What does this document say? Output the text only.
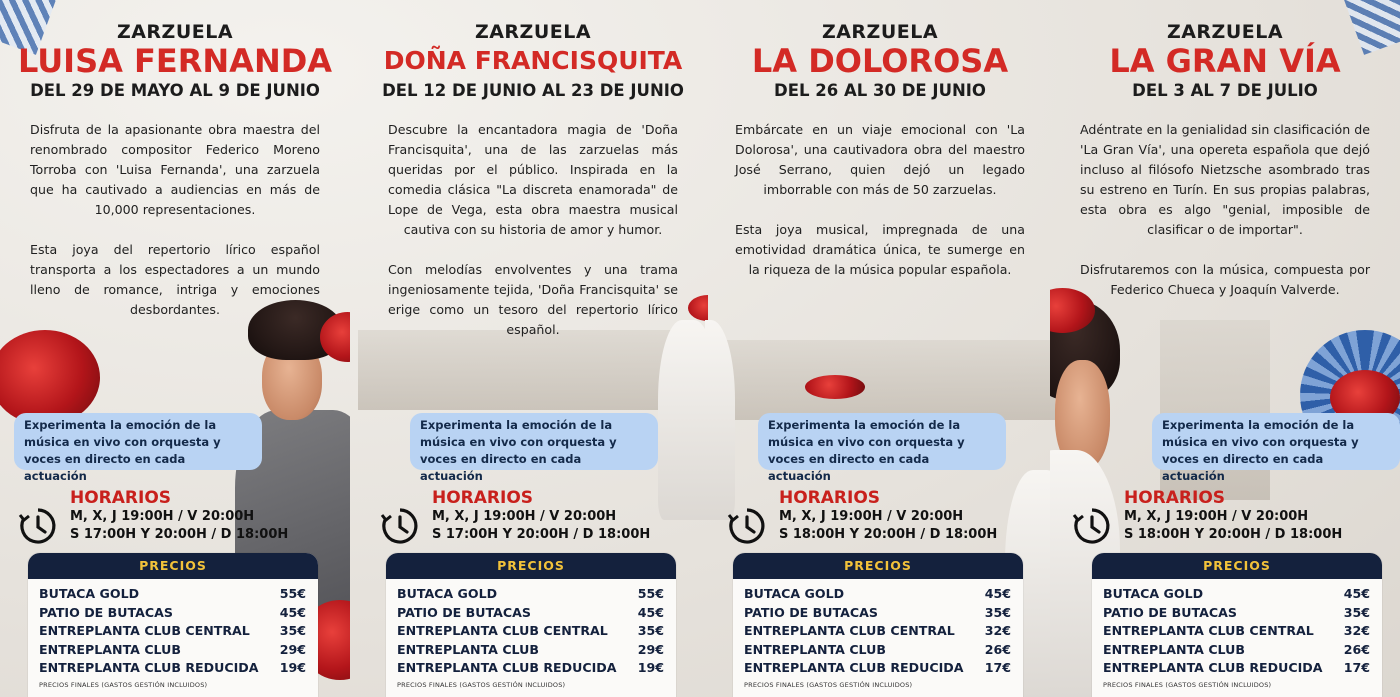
ZARZUELA
LUISA FERNANDA
DEL 29 DE MAYO AL 9 DE JUNIO

Disfruta de la apasionante obra maestra del renombrado compositor Federico Moreno Torroba con 'Luisa Fernanda', una zarzuela que ha cautivado a audiencias en más de 10,000 representaciones.

Esta joya del repertorio lírico español transporta a los espectadores a un mundo lleno de romance, intriga y emociones desbordantes.

Experimenta la emoción de la música en vivo con orquesta y voces en directo en cada actuación
HORARIOS
M, X, J 19:00H / V 20:00H
S 17:00H Y 20:00H / D 18:00H
PRECIOS
BUTACA GOLD	55€
PATIO DE BUTACAS	45€
ENTREPLANTA CLUB CENTRAL 35€
ENTREPLANTA CLUB	29€
ENTREPLANTA CLUB REDUCIDA 19€
PRECIOS FINALES (GASTOS GESTIÓN INCLUIDOS)
ZARZUELA
DOÑA FRANCISQUITA
DEL 12 DE JUNIO AL 23 DE JUNIO

Descubre la encantadora magia de 'Doña Francisquita', una de las zarzuelas más queridas por el público. Inspirada en la comedia clásica "La discreta enamorada" de Lope de Vega, esta obra maestra musical cautiva con su historia de amor y humor.

Con melodías envolventes y una trama ingeniosamente tejida, 'Doña Francisquita' se erige como un tesoro del repertorio lírico español.

Experimenta la emoción de la música en vivo con orquesta y voces en directo en cada actuación
HORARIOS
M, X, J 19:00H / V 20:00H
S 17:00H Y 20:00H / D 18:00H
PRECIOS
BUTACA GOLD	55€
PATIO DE BUTACAS	45€
ENTREPLANTA CLUB CENTRAL 35€
ENTREPLANTA CLUB	29€
ENTREPLANTA CLUB REDUCIDA 19€
PRECIOS FINALES (GASTOS GESTIÓN INCLUIDOS)
ZARZUELA
LA DOLOROSA
DEL 26 AL 30 DE JUNIO

Embárcate en un viaje emocional con 'La Dolorosa', una cautivadora obra del maestro José Serrano, quien dejó un legado imborrable con más de 50 zarzuelas.

Esta joya musical, impregnada de una emotividad dramática única, te sumerge en la riqueza de la música popular española.

Experimenta la emoción de la música en vivo con orquesta y voces en directo en cada actuación
HORARIOS
M, X, J 19:00H / V 20:00H
S 18:00H Y 20:00H / D 18:00H
PRECIOS
BUTACA GOLD	45€
PATIO DE BUTACAS	35€
ENTREPLANTA CLUB CENTRAL 32€
ENTREPLANTA CLUB	26€
ENTREPLANTA CLUB REDUCIDA 17€
PRECIOS FINALES (GASTOS GESTIÓN INCLUIDOS)
ZARZUELA
LA GRAN VÍA
DEL 3 AL 7 DE JULIO

Adéntrate en la genialidad sin clasificación de 'La Gran Vía', una opereta española que dejó incluso al filósofo Nietzsche asombrado tras su estreno en Turín. En sus propias palabras, esta obra es algo "genial, imposible de clasificar o de importar".

Disfrutaremos con la música, compuesta por Federico Chueca y Joaquín Valverde.

Experimenta la emoción de la música en vivo con orquesta y voces en directo en cada actuación
HORARIOS
M, X, J 19:00H / V 20:00H
S 18:00H Y 20:00H / D 18:00H
PRECIOS
BUTACA GOLD	45€
PATIO DE BUTACAS	35€
ENTREPLANTA CLUB CENTRAL 32€
ENTREPLANTA CLUB	26€
ENTREPLANTA CLUB REDUCIDA 17€
PRECIOS FINALES (GASTOS GESTIÓN INCLUIDOS)
